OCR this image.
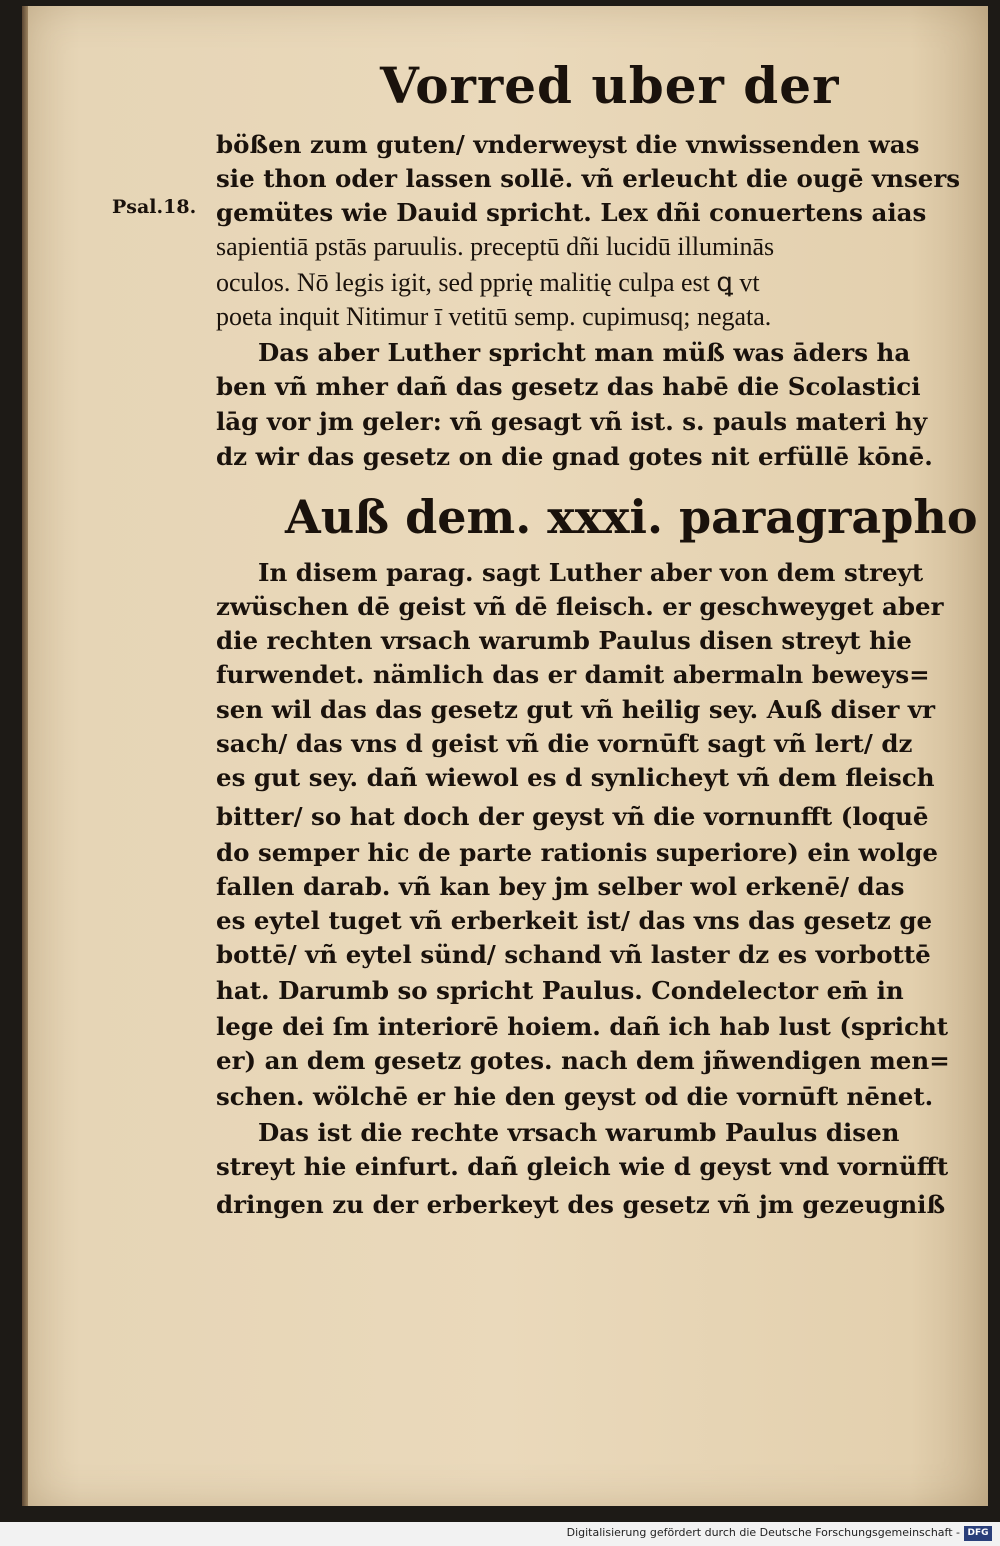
Vorred uber der
Psal.18.
bößen zum guten/ vnderweyst die vnwissenden was
sie thon oder lassen sollē. vñ erleucht die ougē vnsers
gemütes wie Dauid spricht. Lex dñi conuertens aias
sapientiā pstās paruulis. preceptū dñi lucidū illuminās
oculos. Nō legis igit, sed pprię malitię culpa est ꝗ vt
poeta inquit Nitimur ī vetitū semp. cupimusq; negata.
Das aber Luther spricht man müß was āders ha
ben vñ mher dañ das gesetz das habē die Scolastici
lāg vor jm geler: vñ gesagt vñ ist. s. pauls materi hy
dz wir das gesetz on die gnad gotes nit erfüllē kōnē.
Auß dem. xxxi. paragrapho
In disem parag. sagt Luther aber von dem streyt
zwüschen dē geist vñ dē fleisch. er geschweyget aber
die rechten vrsach warumb Paulus disen streyt hie
furwendet. nämlich das er damit abermaln beweys=
sen wil das das gesetz gut vñ heilig sey. Auß diser vr
sach/ das vns d geist vñ die vornūft sagt vñ lert/ dz
es gut sey. dañ wiewol es d synlicheyt vñ dem fleisch
bitter/ so hat doch der geyst vñ die vornunfft (loquē
do semper hic de parte rationis superiore) ein wolge
fallen darab. vñ kan bey jm selber wol erkenē/ das
es eytel tuget vñ erberkeit ist/ das vns das gesetz ge
bottē/ vñ eytel sünd/ schand vñ laster dz es vorbottē
hat. Darumb so spricht Paulus. Condelector em̄ in
lege dei ſm interiorē hoiem. dañ ich hab lust (spricht
er) an dem gesetz gotes. nach dem jñwendigen men=
schen. wölchē er hie den geyst od die vornūft nēnet.
Das ist die rechte vrsach warumb Paulus disen
streyt hie einfurt. dañ gleich wie d geyst vnd vornüfft
dringen zu der erberkeyt des gesetz vñ jm gezeugniß
Digitalisierung gefördert durch die Deutsche Forschungsgemeinschaft - DFG
